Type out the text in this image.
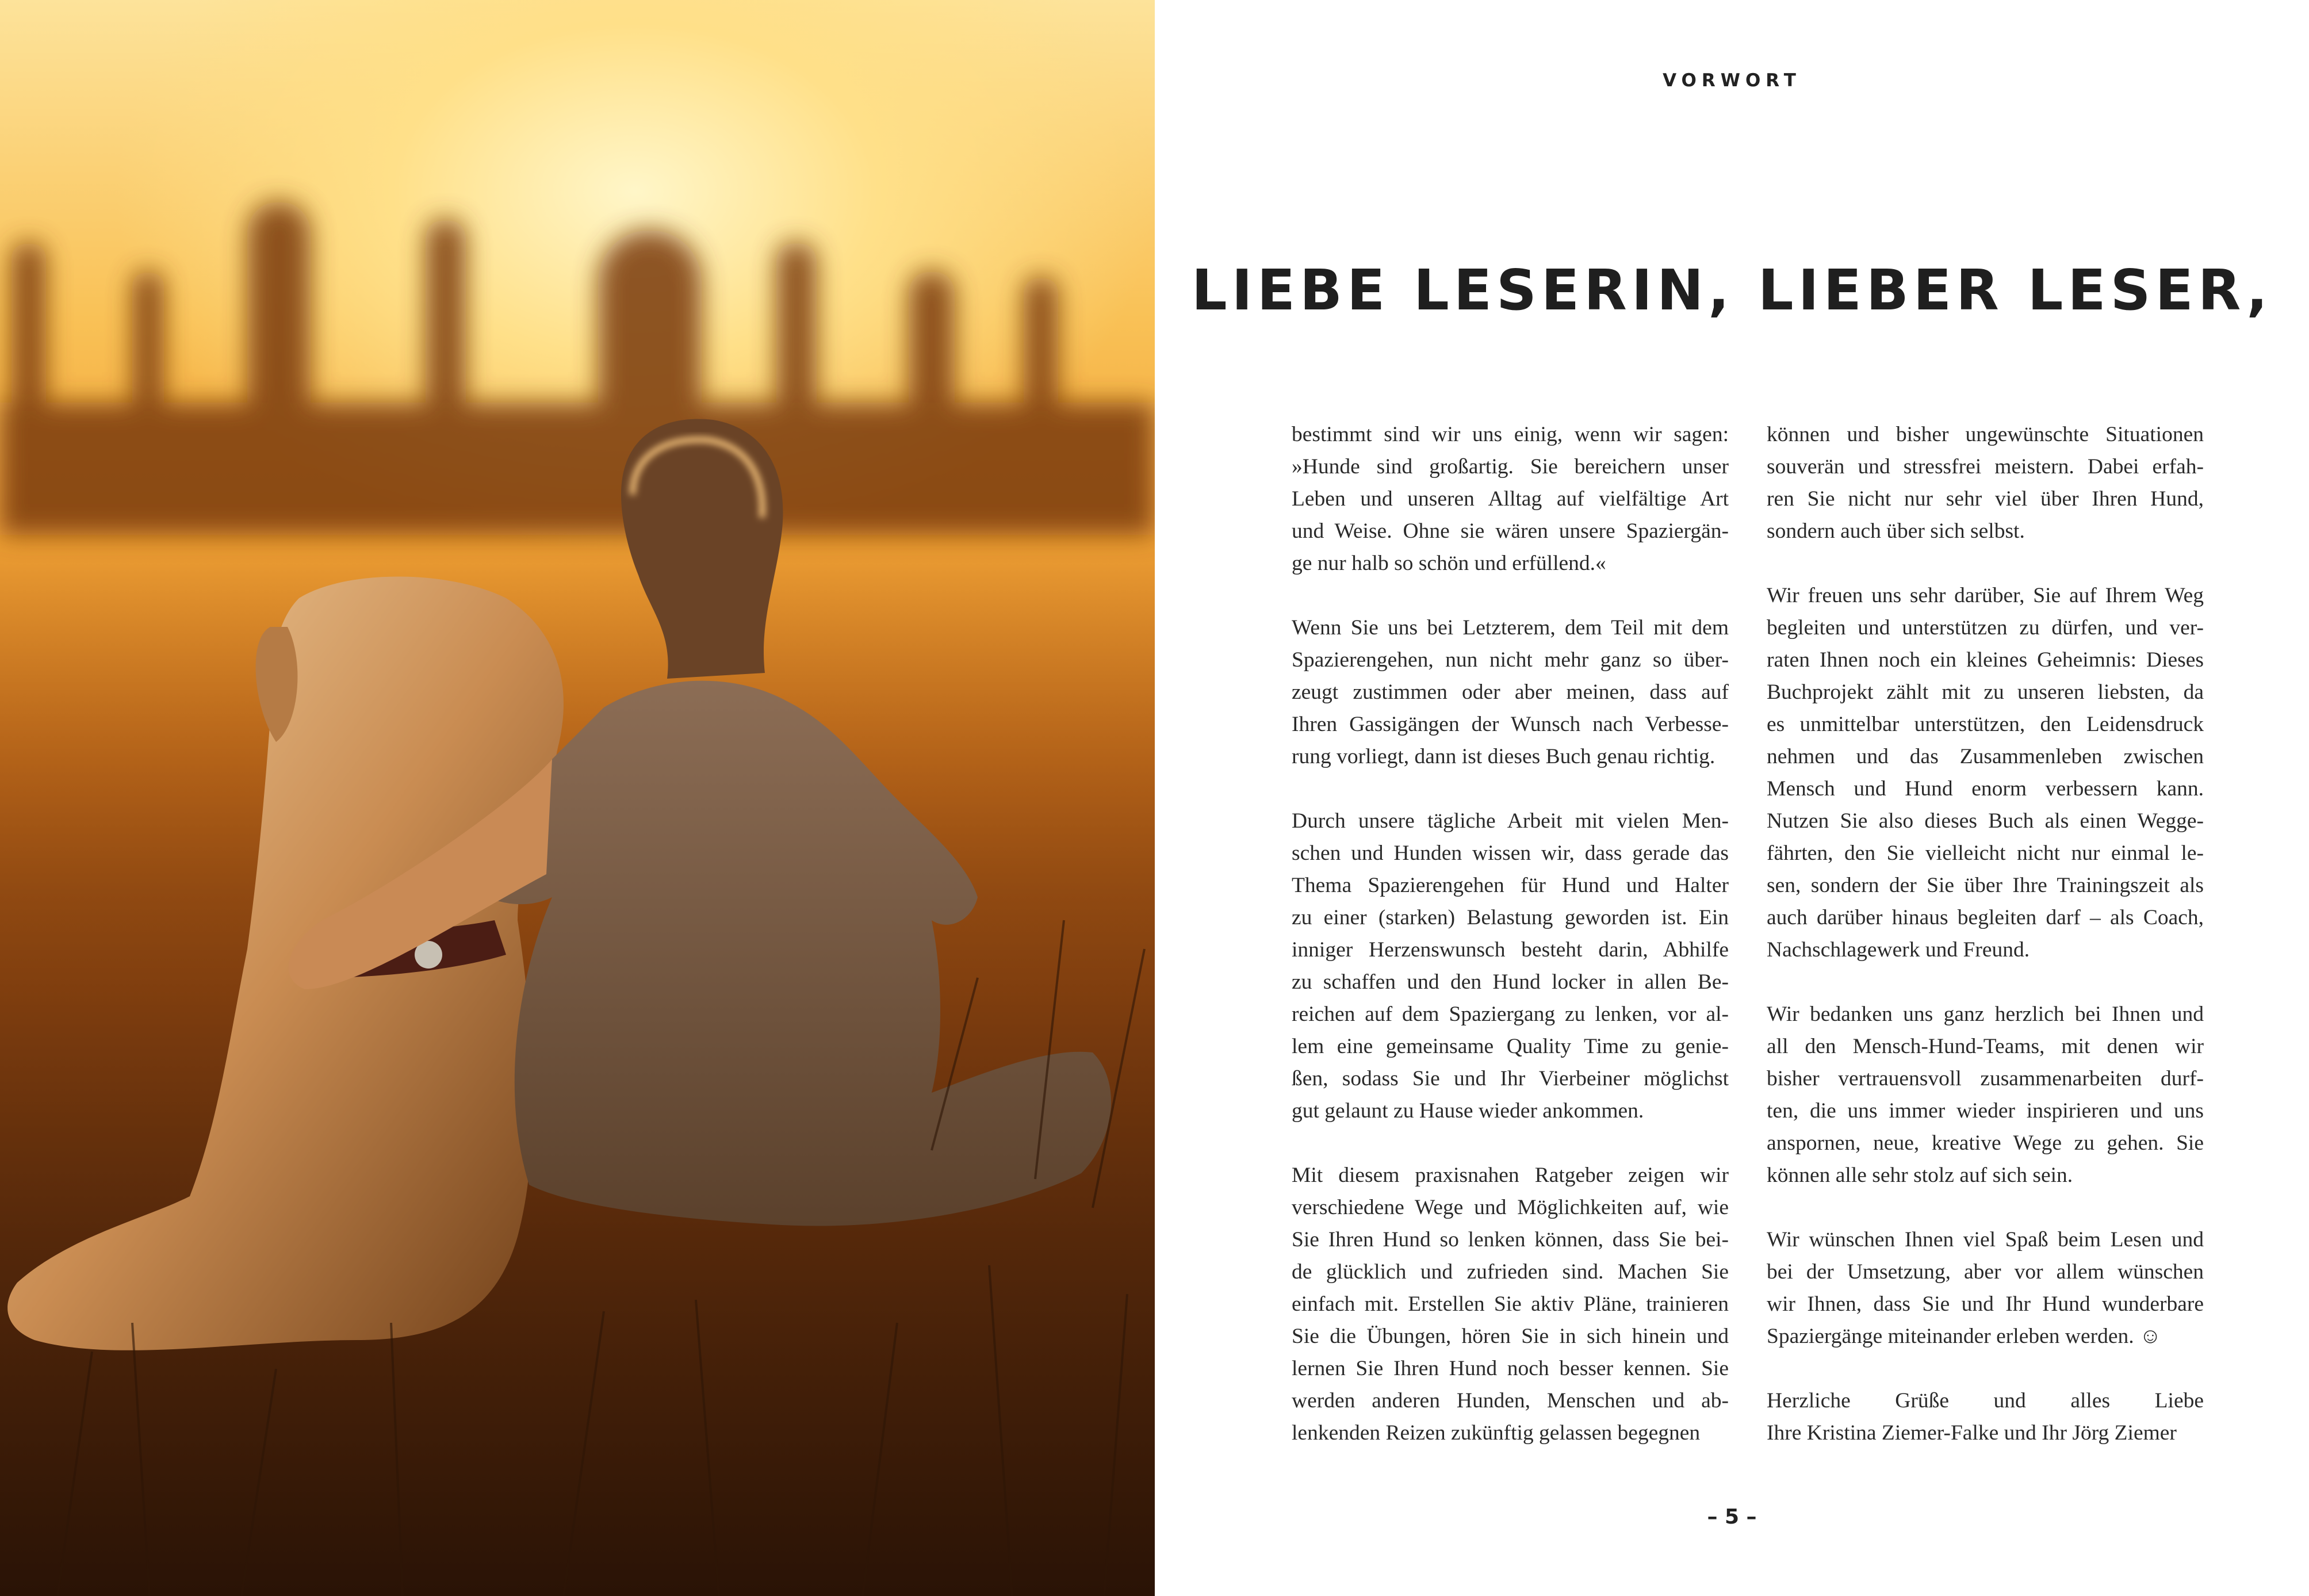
VORWORT
LIEBE LESERIN, LIEBER LESER,
bestimmt sind wir uns einig, wenn wir sagen:
»Hunde sind großartig. Sie bereichern unser
Leben und unseren Alltag auf vielfältige Art
und Weise. Ohne sie wären unsere Spaziergän-
ge nur halb so schön und erfüllend.«
Wenn Sie uns bei Letzterem, dem Teil mit dem
Spazierengehen, nun nicht mehr ganz so über-
zeugt zustimmen oder aber meinen, dass auf
Ihren Gassigängen der Wunsch nach Verbesse-
rung vorliegt, dann ist dieses Buch genau richtig.
Durch unsere tägliche Arbeit mit vielen Men-
schen und Hunden wissen wir, dass gerade das
Thema Spazierengehen für Hund und Halter
zu einer (starken) Belastung geworden ist. Ein
inniger Herzenswunsch besteht darin, Abhilfe
zu schaffen und den Hund locker in allen Be-
reichen auf dem Spaziergang zu lenken, vor al-
lem eine gemeinsame Quality Time zu genie-
ßen, sodass Sie und Ihr Vierbeiner möglichst
gut gelaunt zu Hause wieder ankommen.
Mit diesem praxisnahen Ratgeber zeigen wir
verschiedene Wege und Möglichkeiten auf, wie
Sie Ihren Hund so lenken können, dass Sie bei-
de glücklich und zufrieden sind. Machen Sie
einfach mit. Erstellen Sie aktiv Pläne, trainieren
Sie die Übungen, hören Sie in sich hinein und
lernen Sie Ihren Hund noch besser kennen. Sie
werden anderen Hunden, Menschen und ab-
lenkenden Reizen zukünftig gelassen begegnen
können und bisher ungewünschte Situationen
souverän und stressfrei meistern. Dabei erfah-
ren Sie nicht nur sehr viel über Ihren Hund,
sondern auch über sich selbst.
Wir freuen uns sehr darüber, Sie auf Ihrem Weg
begleiten und unterstützen zu dürfen, und ver-
raten Ihnen noch ein kleines Geheimnis: Dieses
Buchprojekt zählt mit zu unseren liebsten, da
es unmittelbar unterstützen, den Leidensdruck
nehmen und das Zusammenleben zwischen
Mensch und Hund enorm verbessern kann.
Nutzen Sie also dieses Buch als einen Wegge-
fährten, den Sie vielleicht nicht nur einmal le-
sen, sondern der Sie über Ihre Trainingszeit als
auch darüber hinaus begleiten darf – als Coach,
Nachschlagewerk und Freund.
Wir bedanken uns ganz herzlich bei Ihnen und
all den Mensch-Hund-Teams, mit denen wir
bisher vertrauensvoll zusammenarbeiten durf-
ten, die uns immer wieder inspirieren und uns
anspornen, neue, kreative Wege zu gehen. Sie
können alle sehr stolz auf sich sein.
Wir wünschen Ihnen viel Spaß beim Lesen und
bei der Umsetzung, aber vor allem wünschen
wir Ihnen, dass Sie und Ihr Hund wunderbare
Spaziergänge miteinander erleben werden. ☺
Herzliche Grüße und alles Liebe
Ihre Kristina Ziemer-Falke und Ihr Jörg Ziemer
– 5 –
